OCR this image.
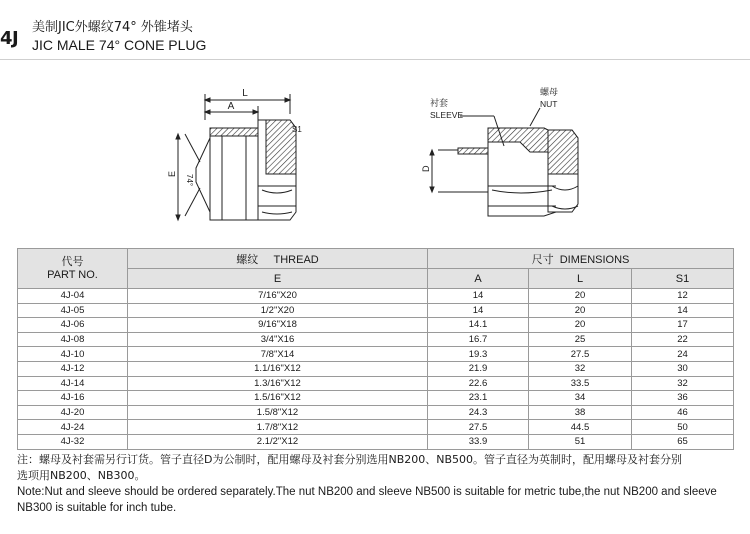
4J
美制JIC外螺纹74° 外锥堵头
JIC MALE 74° CONE PLUG
L
A
S1
E
74°
衬套
SLEEVE
螺母
NUT
D
代号
PART NO.	螺纹     THREAD	尺寸  DIMENSIONS		
	E	A	L	S1
4J-04	7/16"X20	14	20	12
4J-05	1/2"X20	14	20	14
4J-06	9/16"X18	14.1	20	17
4J-08	3/4"X16	16.7	25	22
4J-10	7/8"X14	19.3	27.5	24
4J-12	1.1/16"X12	21.9	32	30
4J-14	1.3/16"X12	22.6	33.5	32
4J-16	1.5/16"X12	23.1	34	36
4J-20	1.5/8"X12	24.3	38	46
4J-24	1.7/8"X12	27.5	44.5	50
4J-32	2.1/2"X12	33.9	51	65
注：螺母及衬套需另行订货。管子直径D为公制时，配用螺母及衬套分别选用NB200、NB500。管子直径为英制时，配用螺母及衬套分别
选项用NB200、NB300。
Note:Nut and sleeve should be ordered separately.The nut NB200 and sleeve NB500 is suitable for metric tube,the nut NB200 and sleeve
NB300 is suitable for inch tube.
